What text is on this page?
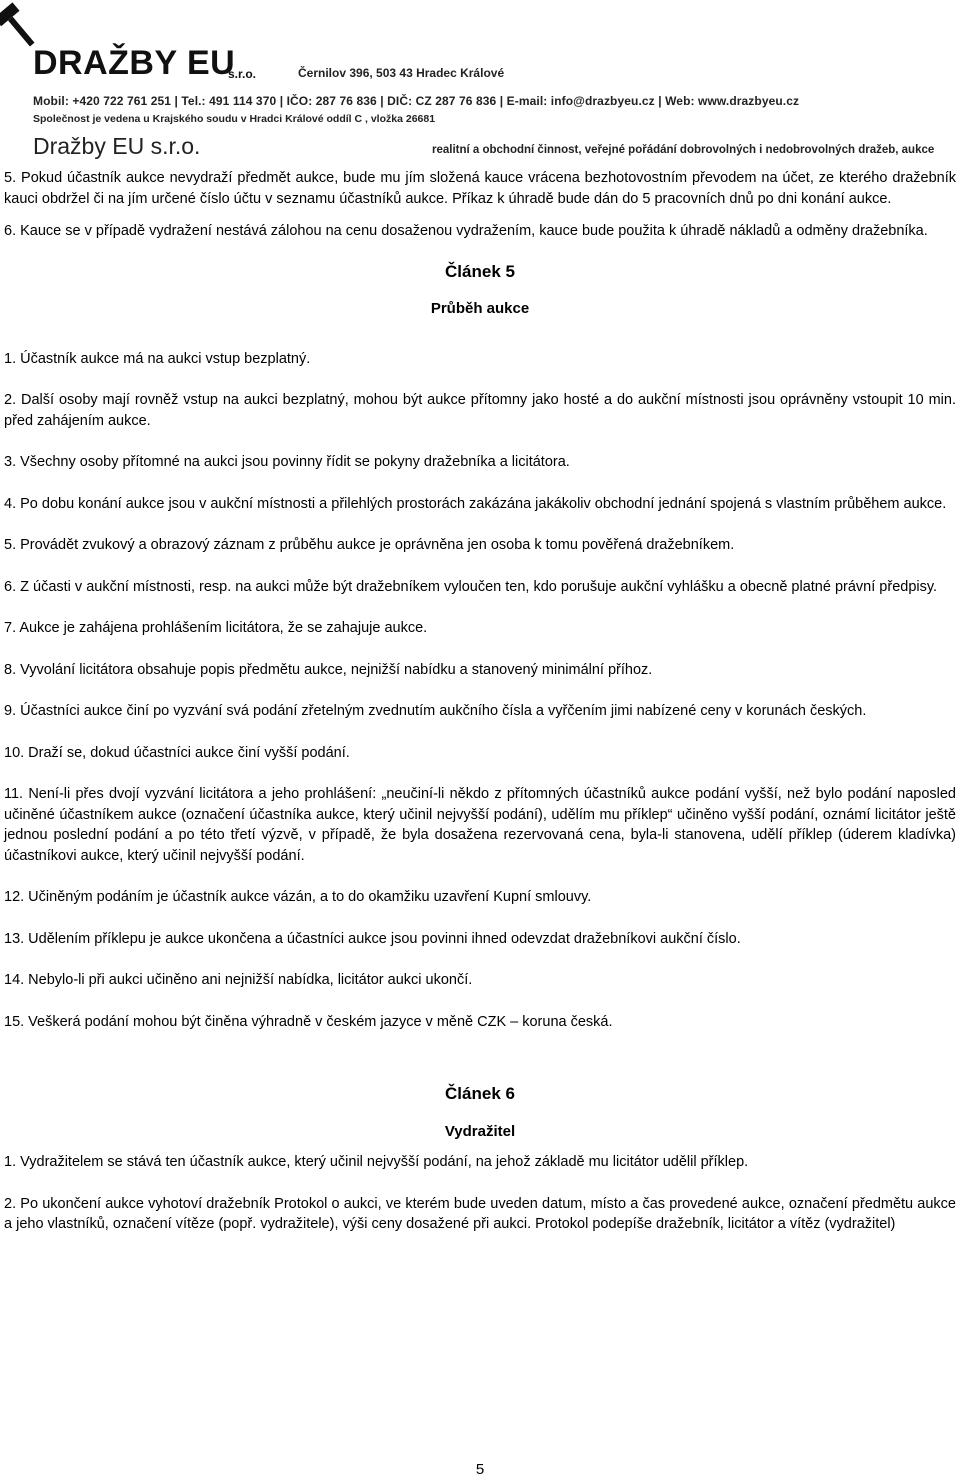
DRAŽBY EU
s.r.o.	Černilov 396, 503 43 Hradec Králové
Mobil: +420 722 761 251 | Tel.: 491 114 370 | IČO: 287 76 836 | DIČ: CZ 287 76 836 | E-mail: info@drazbyeu.cz | Web: www.drazbyeu.cz
Společnost je vedena u Krajského soudu v Hradci Králové oddíl C , vložka 26681
Dražby EU s.r.o.	realitní a obchodní činnost, veřejné pořádání dobrovolných i nedobrovolných dražeb, aukce

5. Pokud účastník aukce nevydraží předmět aukce, bude mu jím složená kauce vrácena bezhotovostním převodem na účet, ze kterého dražebník kauci obdržel či na jím určené číslo účtu v seznamu účastníků aukce. Příkaz k úhradě bude dán do 5 pracovních dnů po dni konání aukce.

6. Kauce se v případě vydražení nestává zálohou na cenu dosaženou vydražením, kauce bude použita k úhradě nákladů a odměny dražebníka.

Článek 5

Průběh aukce

1. Účastník aukce má na aukci vstup bezplatný.

2. Další osoby mají rovněž vstup na aukci bezplatný, mohou být aukce přítomny jako hosté a do aukční místnosti jsou oprávněny vstoupit 10 min. před zahájením aukce.

3. Všechny osoby přítomné na aukci jsou povinny řídit se pokyny dražebníka a licitátora.

4. Po dobu konání aukce jsou v aukční místnosti a přilehlých prostorách zakázána jakákoliv obchodní jednání spojená s vlastním průběhem aukce.

5. Provádět zvukový a obrazový záznam z průběhu aukce je oprávněna jen osoba k tomu pověřená dražebníkem.

6. Z účasti v aukční místnosti, resp. na aukci může být dražebníkem vyloučen ten, kdo porušuje aukční vyhlášku a obecně platné právní předpisy.

7. Aukce je zahájena prohlášením licitátora, že se zahajuje aukce.

8. Vyvolání licitátora obsahuje popis předmětu aukce, nejnižší nabídku a stanovený minimální příhoz.

9. Účastníci aukce činí po vyzvání svá podání zřetelným zvednutím aukčního čísla a vyřčením jimi nabízené ceny v korunách českých.

10. Draží se, dokud účastníci aukce činí vyšší podání.

11. Není-li přes dvojí vyzvání licitátora a jeho prohlášení: „neučiní-li někdo z přítomných účastníků aukce podání vyšší, než bylo podání naposled učiněné účastníkem aukce (označení účastníka aukce, který učinil nejvyšší podání), udělím mu příklep“ učiněno vyšší podání, oznámí licitátor ještě jednou poslední podání a po této třetí výzvě, v případě, že byla dosažena rezervovaná cena, byla-li stanovena, udělí příklep (úderem kladívka) účastníkovi aukce, který učinil nejvyšší podání.

12. Učiněným podáním je účastník aukce vázán, a to do okamžiku uzavření Kupní smlouvy.

13. Udělením příklepu je aukce ukončena a účastníci aukce jsou povinni ihned odevzdat dražebníkovi aukční číslo.

14. Nebylo-li při aukci učiněno ani nejnižší nabídka, licitátor aukci ukončí.

15. Veškerá podání mohou být činěna výhradně v českém jazyce v měně CZK – koruna česká.

Článek 6

Vydražitel

1. Vydražitelem se stává ten účastník aukce, který učinil nejvyšší podání, na jehož základě mu licitátor udělil příklep.

2. Po ukončení aukce vyhotoví dražebník Protokol o aukci, ve kterém bude uveden datum, místo a čas provedené aukce, označení předmětu aukce a jeho vlastníků, označení vítěze (popř. vydražitele), výši ceny dosažené při aukci. Protokol podepíše dražebník, licitátor a vítěz (vydražitel)

5
